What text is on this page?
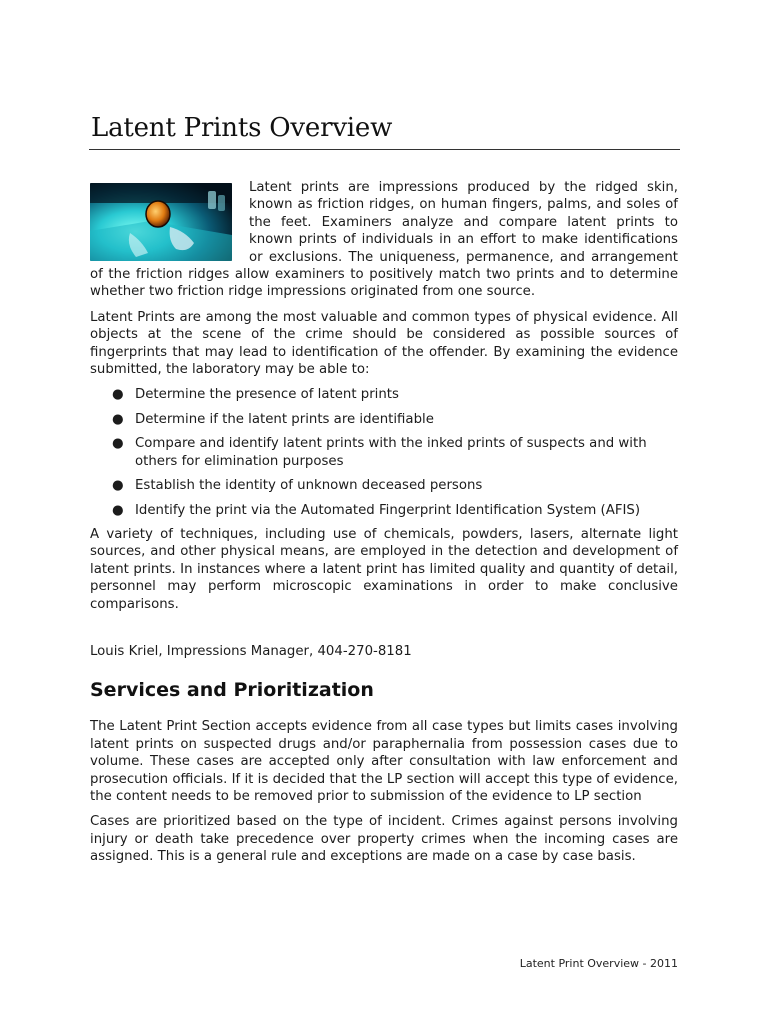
Latent Prints Overview

Latent prints are impressions produced by the ridged skin, known as friction ridges, on human fingers, palms, and soles of the feet. Examiners analyze and compare latent prints to known prints of individuals in an effort to make identifications or exclusions. The uniqueness, permanence, and arrangement of the friction ridges allow examiners to positively match two prints and to determine whether two friction ridge impressions originated from one source.

Latent Prints are among the most valuable and common types of physical evidence. All objects at the scene of the crime should be considered as possible sources of fingerprints that may lead to identification of the offender. By examining the evidence submitted, the laboratory may be able to:

● Determine the presence of latent prints
● Determine if the latent prints are identifiable
● Compare and identify latent prints with the inked prints of suspects and with others for elimination purposes
● Establish the identity of unknown deceased persons
● Identify the print via the Automated Fingerprint Identification System (AFIS)

A variety of techniques, including use of chemicals, powders, lasers, alternate light sources, and other physical means, are employed in the detection and development of latent prints. In instances where a latent print has limited quality and quantity of detail, personnel may perform microscopic examinations in order to make conclusive comparisons.

Louis Kriel, Impressions Manager, 404-270-8181

Services and Prioritization

The Latent Print Section accepts evidence from all case types but limits cases involving latent prints on suspected drugs and/or paraphernalia from possession cases due to volume. These cases are accepted only after consultation with law enforcement and prosecution officials. If it is decided that the LP section will accept this type of evidence, the content needs to be removed prior to submission of the evidence to LP section

Cases are prioritized based on the type of incident. Crimes against persons involving injury or death take precedence over property crimes when the incoming cases are assigned. This is a general rule and exceptions are made on a case by case basis.

Latent Print Overview - 2011
